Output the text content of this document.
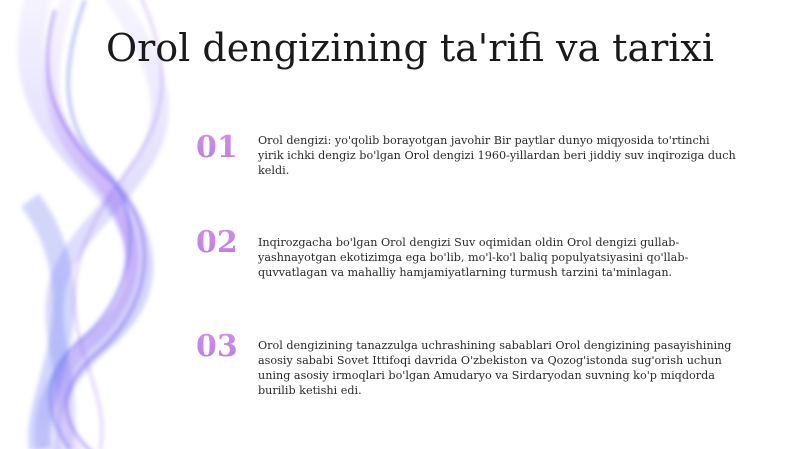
Orol dengizining ta'rifi va tarixi
01	Orol dengizi: yo'qolib borayotgan javohir Bir paytlar dunyo miqyosida to'rtinchi yirik ichki dengiz bo'lgan Orol dengizi 1960-yillardan beri jiddiy suv inqiroziga duch keldi.
02	Inqirozgacha bo'lgan Orol dengizi Suv oqimidan oldin Orol dengizi gullab-yashnayotgan ekotizimga ega bo'lib, mo'l-ko'l baliq populyatsiyasini qo'llab-quvvatlagan va mahalliy hamjamiyatlarning turmush tarzini ta'minlagan.
03	Orol dengizining tanazzulga uchrashining sabablari Orol dengizining pasayishining asosiy sababi Sovet Ittifoqi davrida O'zbekiston va Qozog'istonda sug'orish uchun uning asosiy irmoqlari bo'lgan Amudaryo va Sirdaryodan suvning ko'p miqdorda burilib ketishi edi.
